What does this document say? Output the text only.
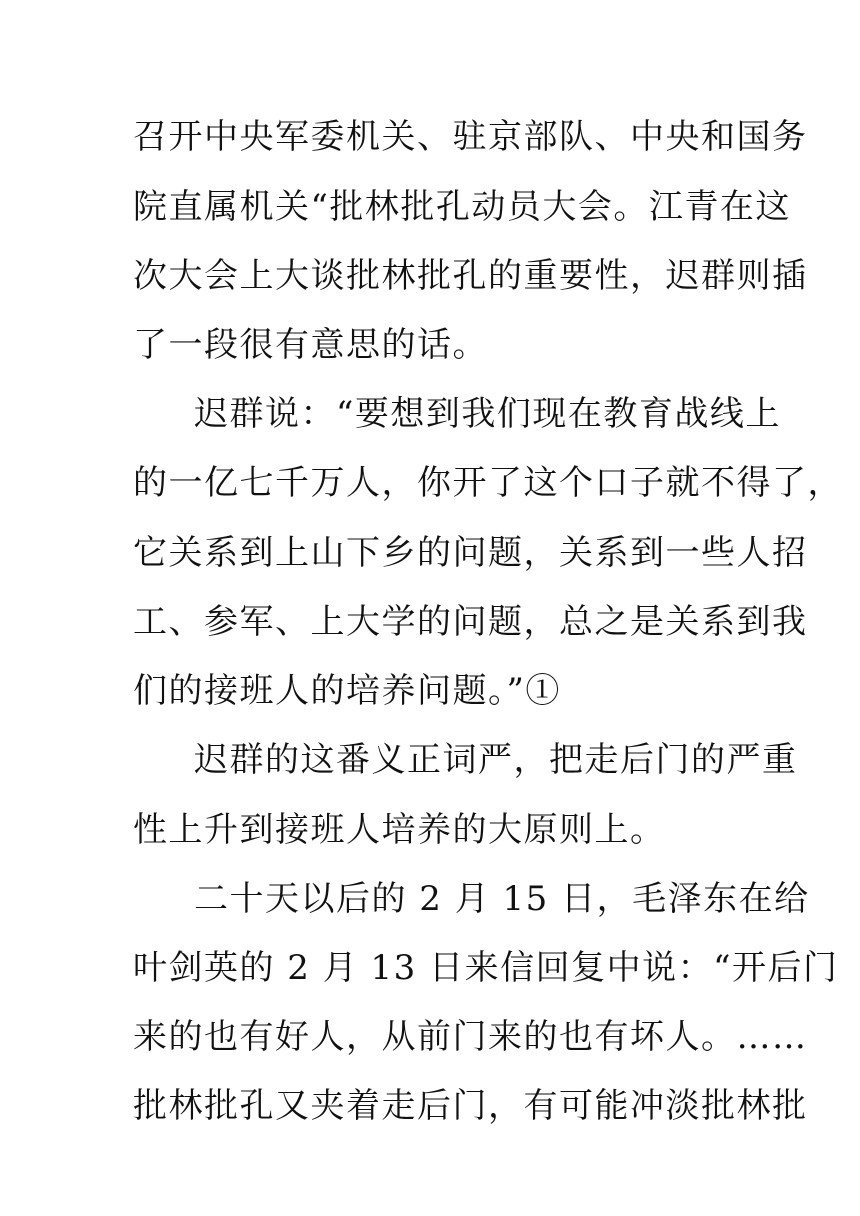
召开中央军委机关、驻京部队、中央和国务
院直属机关“批林批孔动员大会。江青在这
次大会上大谈批林批孔的重要性，迟群则插
了一段很有意思的话。
迟群说：“要想到我们现在教育战线上
的一亿七千万人，你开了这个口子就不得了，
它关系到上山下乡的问题，关系到一些人招
工、参军、上大学的问题，总之是关系到我
们的接班人的培养问题。”①
迟群的这番义正词严，把走后门的严重
性上升到接班人培养的大原则上。
二十天以后的 2 月 15 日，毛泽东在给
叶剑英的 2 月 13 日来信回复中说：“开后门
来的也有好人，从前门来的也有坏人。……
批林批孔又夹着走后门，有可能冲淡批林批
